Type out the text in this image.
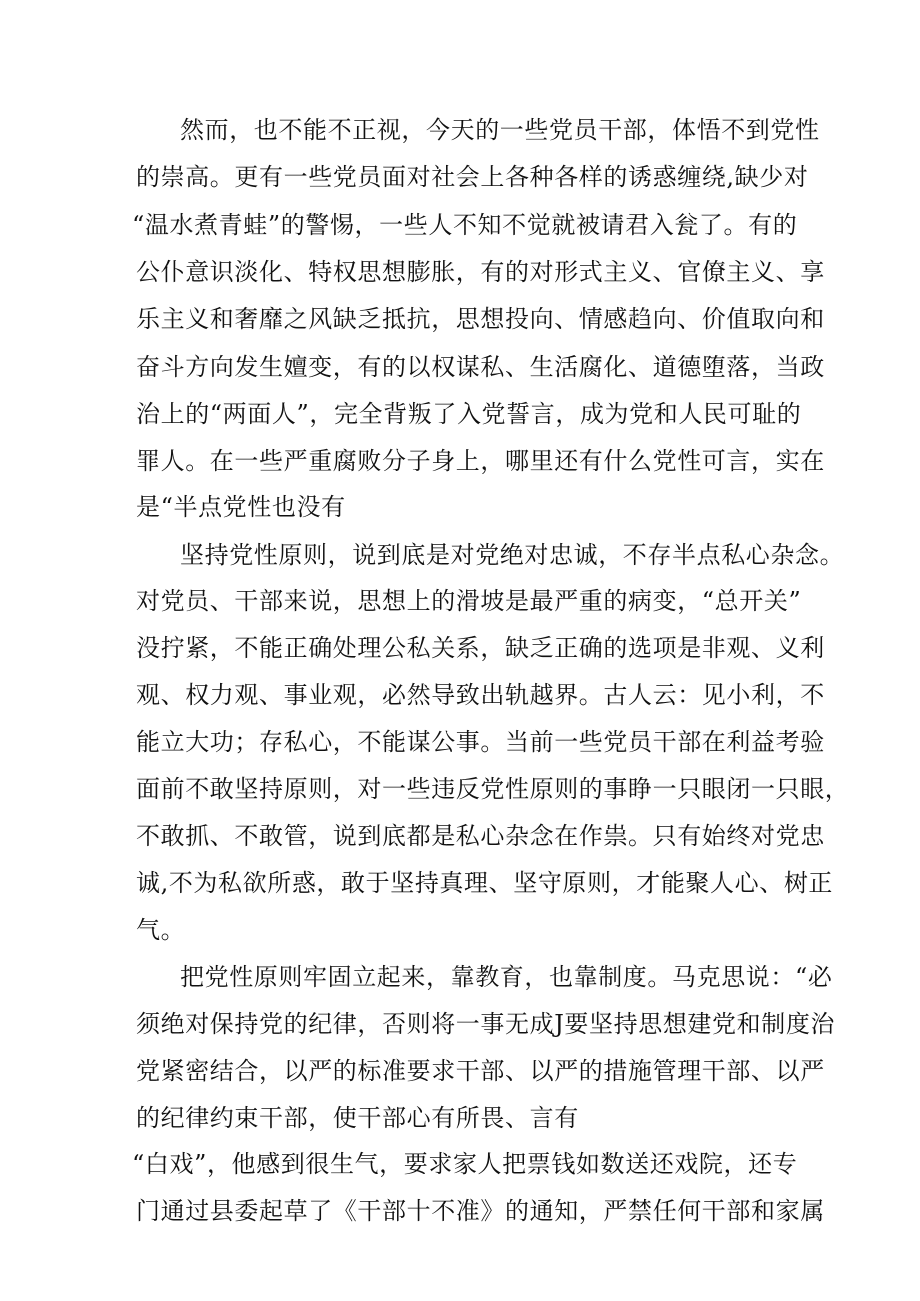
然而，也不能不正视，今天的一些党员干部，体悟不到党性
的崇高。更有一些党员面对社会上各种各样的诱惑缠绕,缺少对
“温水煮青蛙”的警惕，一些人不知不觉就被请君入瓮了。有的
公仆意识淡化、特权思想膨胀，有的对形式主义、官僚主义、享
乐主义和奢靡之风缺乏抵抗，思想投向、情感趋向、价值取向和
奋斗方向发生嬗变，有的以权谋私、生活腐化、道德堕落，当政
治上的“两面人”，完全背叛了入党誓言，成为党和人民可耻的
罪人。在一些严重腐败分子身上，哪里还有什么党性可言，实在
是“半点党性也没有
坚持党性原则，说到底是对党绝对忠诚，不存半点私心杂念。
对党员、干部来说，思想上的滑坡是最严重的病变，“总开关”
没拧紧，不能正确处理公私关系，缺乏正确的选项是非观、义利
观、权力观、事业观，必然导致出轨越界。古人云：见小利，不
能立大功；存私心，不能谋公事。当前一些党员干部在利益考验
面前不敢坚持原则，对一些违反党性原则的事睁一只眼闭一只眼，
不敢抓、不敢管，说到底都是私心杂念在作祟。只有始终对党忠
诚,不为私欲所惑，敢于坚持真理、坚守原则，才能聚人心、树正
气。
把党性原则牢固立起来，靠教育，也靠制度。马克思说：“必
须绝对保持党的纪律，否则将一事无成J要坚持思想建党和制度治
党紧密结合，以严的标准要求干部、以严的措施管理干部、以严
的纪律约束干部，使干部心有所畏、言有
“白戏”，他感到很生气，要求家人把票钱如数送还戏院，还专
门通过县委起草了《干部十不准》的通知，严禁任何干部和家属
